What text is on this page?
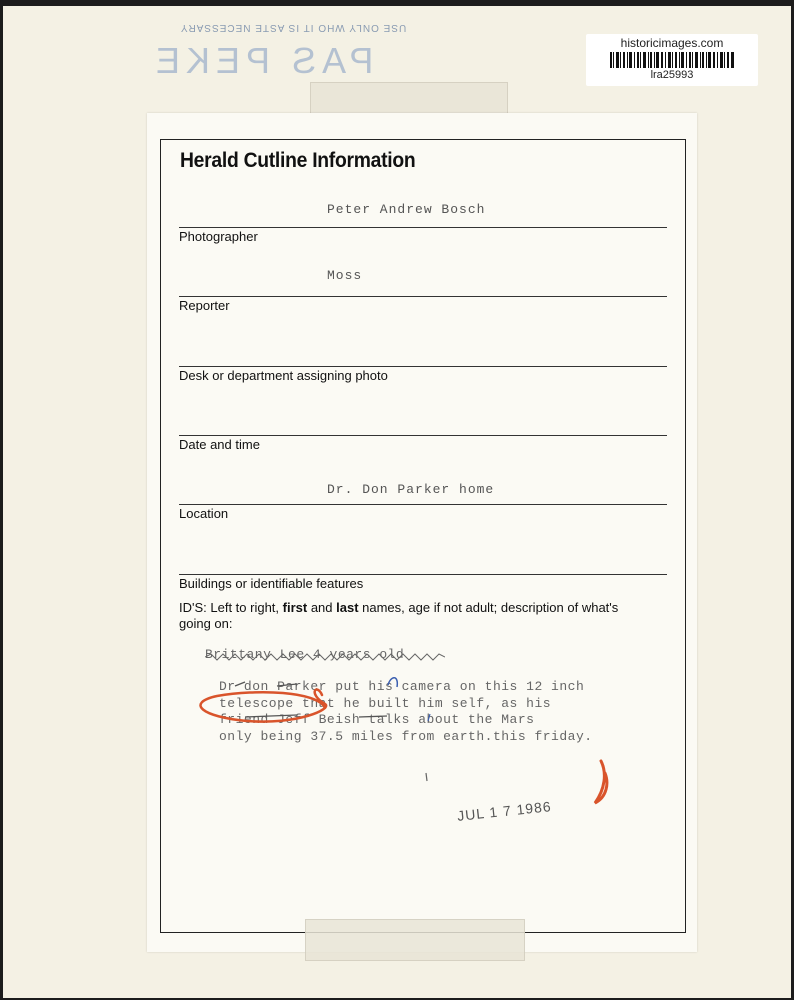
USE ONLY WHO IT IS ASTE NECESSARY
PAS PEKE	historicimages.com
lra25993
Herald Cutline Information
Peter Andrew Bosch
Photographer
Moss
Reporter
Desk or department assigning photo
Date and time
Dr. Don Parker home
Location
Buildings or identifiable features
ID'S: Left to right, first and last names, age if not adult; description of what's going on:
Brittany Lee 4 years old
Dr don Parker put his camera on this 12 inch
telescope that he built him self, as his
friend Jeff Beish talks about the Mars
only being 37.5 miles from earth.this friday.
JUL 1 7 1986
